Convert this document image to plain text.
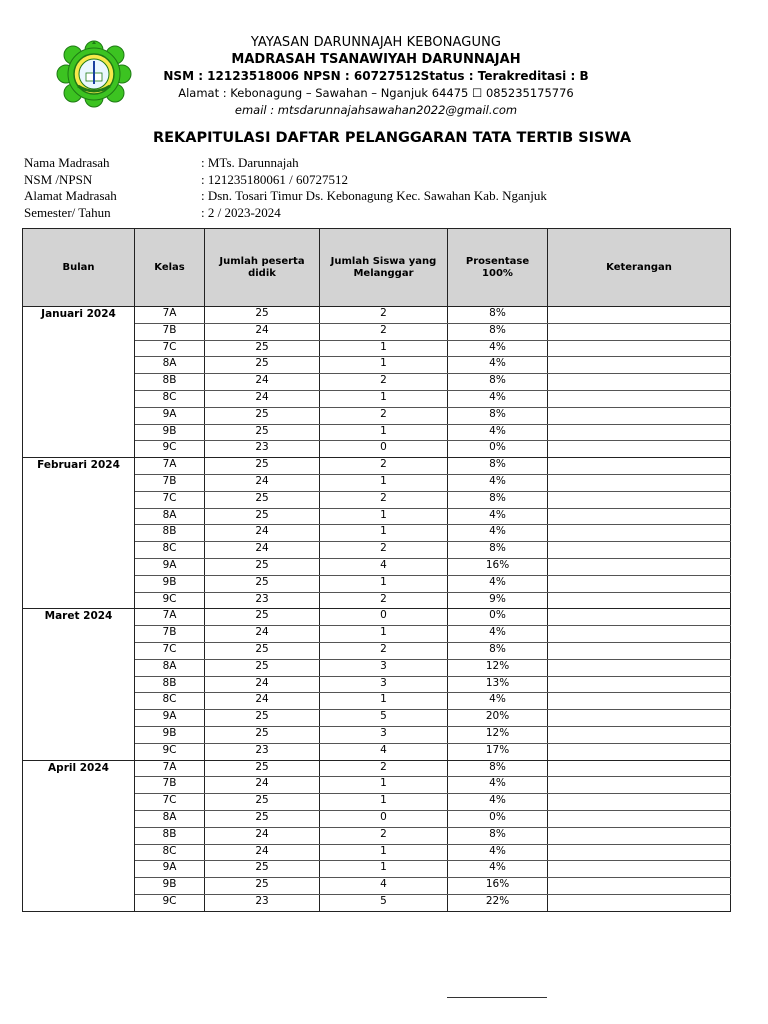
YAYASAN DARUNNAJAH KEBONAGUNG
MADRASAH TSANAWIYAH DARUNNAJAH
NSM : 12123518006 NPSN : 60727512Status : Terakreditasi : B
Alamat : Kebonagung – Sawahan – Nganjuk 64475 ☐ 085235175776
email : mtsdarunnajahsawahan2022@gmail.com
REKAPITULASI DAFTAR PELANGGARAN TATA TERTIB SISWA
Nama Madrasah	: MTs. Darunnajah
NSM /NPSN	: 121235180061 / 60727512
Alamat Madrasah	: Dsn. Tosari Timur Ds. Kebonagung Kec. Sawahan Kab. Nganjuk
Semester/ Tahun	: 2 / 2023-2024
Bulan	Kelas	Jumlah peserta didik	Jumlah Siswa yang Melanggar	Prosentase 100%	Keterangan
Januari 2024	7A	25	2	8%	
	7B	24	2	8%	
	7C	25	1	4%	
	8A	25	1	4%	
	8B	24	2	8%	
	8C	24	1	4%	
	9A	25	2	8%	
	9B	25	1	4%	
	9C	23	0	0%	
Februari 2024	7A	25	2	8%	
	7B	24	1	4%	
	7C	25	2	8%	
	8A	25	1	4%	
	8B	24	1	4%	
	8C	24	2	8%	
	9A	25	4	16%	
	9B	25	1	4%	
	9C	23	2	9%	
Maret 2024	7A	25	0	0%	
	7B	24	1	4%	
	7C	25	2	8%	
	8A	25	3	12%	
	8B	24	3	13%	
	8C	24	1	4%	
	9A	25	5	20%	
	9B	25	3	12%	
	9C	23	4	17%	
April 2024	7A	25	2	8%	
	7B	24	1	4%	
	7C	25	1	4%	
	8A	25	0	0%	
	8B	24	2	8%	
	8C	24	1	4%	
	9A	25	1	4%	
	9B	25	4	16%	
	9C	23	5	22%	
